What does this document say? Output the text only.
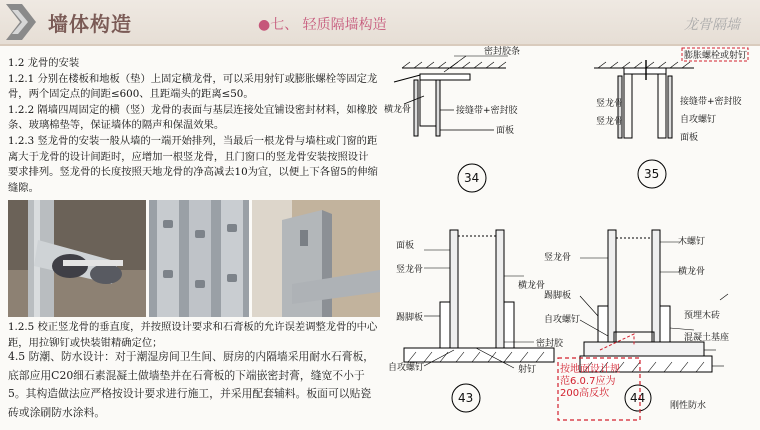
墙体构造	●七、 轻质隔墙构造	龙骨隔墙

1.2 龙骨的安装
1.2.1 分别在楼板和地板（垫）上固定横龙骨，可以采用射钉或膨胀螺栓等固定龙骨，两个固定点的间距≤600、且距端头的距离≤50。
1.2.2 隔墙四周固定的横（竖）龙骨的表面与基层连接处宜铺设密封材料，如橡胶条、玻璃棉垫等，保证墙体的隔声和保温效果。
1.2.3 竖龙骨的安装一般从墙的一端开始排列，当最后一根龙骨与墙柱或门窗的距离大于龙骨的设计间距时，应增加一根竖龙骨，且门窗口的竖龙骨安装按照设计要求排列。竖龙骨的长度按照天地龙骨的净高减去10为宜，以便上下各留5的伸缩缝隙。

1.2.5 校正竖龙骨的垂直度，并按照设计要求和石膏板的允许误差调整龙骨的中心距，用拉铆钉或快装钳精确定位；

4.5 防潮、防水设计：对于潮湿房间卫生间、厨房的内隔墙采用耐水石膏板，底部应用C20细石素混凝土做墙垫并在石膏板的下端嵌密封膏，缝宽不小于5。其构造做法应严格按设计要求进行施工，并采用配套辅料。板面可以贴瓷砖或涂刷防水涂料。

密封胶条
横龙骨	接缝带+密封胶
面板
34
膨胀螺栓或射钉
竖龙骨	接缝带+密封胶
自攻螺钉
面板
竖龙骨
35
面板
横龙骨
竖龙骨
踢脚板
密封胶
自攻螺钉	射钉
43
木螺钉
横龙骨
竖龙骨
踢脚板
自攻螺钉	预埋木砖
混凝土基座
刚性防水
44
按地面设计规范6.0.7应为200高反坎
